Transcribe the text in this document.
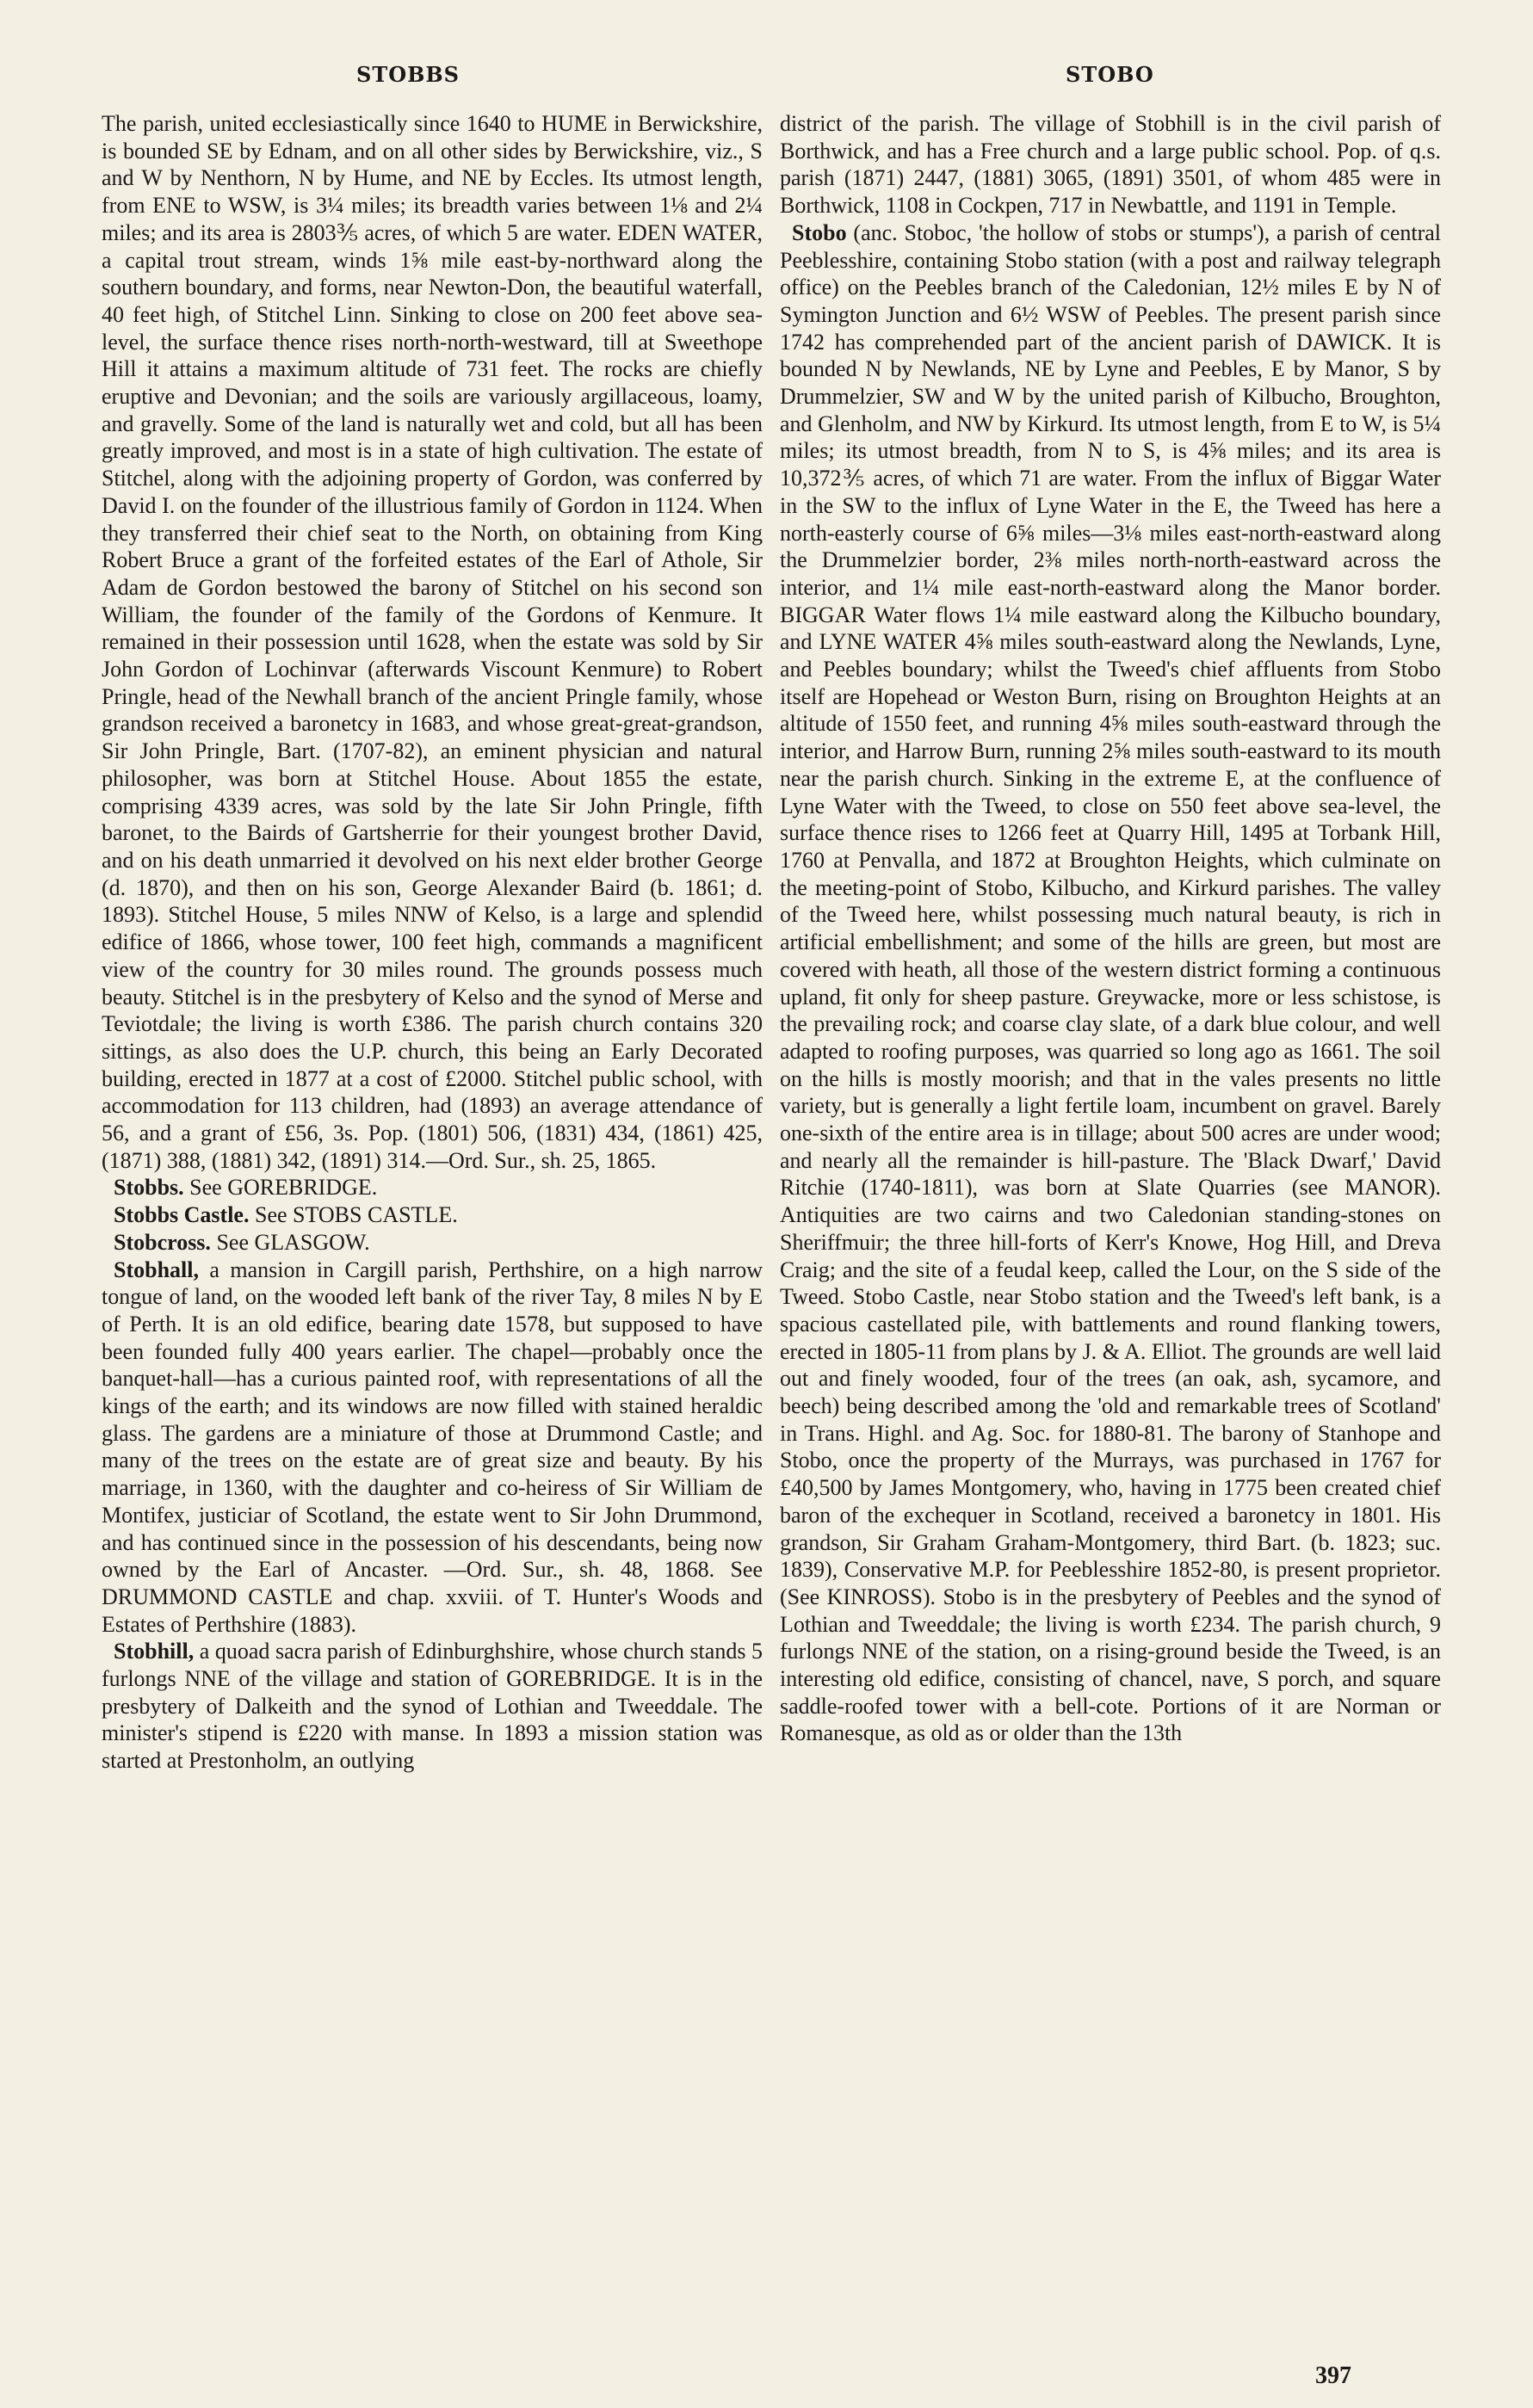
STOBBS	STOBO

The parish, united ecclesiastically since 1640 to HUME in Berwickshire, is bounded SE by Ednam, and on all other sides by Berwickshire, viz., S and W by Nenthorn, N by Hume, and NE by Eccles. Its utmost length, from ENE to WSW, is 3¼ miles; its breadth varies between 1⅛ and 2¼ miles; and its area is 2803⅗ acres, of which 5 are water. EDEN WATER, a capital trout stream, winds 1⅝ mile east-by-northward along the southern boundary, and forms, near Newton-Don, the beautiful waterfall, 40 feet high, of Stitchel Linn. Sinking to close on 200 feet above sea-level, the surface thence rises north-north-westward, till at Sweethope Hill it attains a maximum altitude of 731 feet. The rocks are chiefly eruptive and Devonian; and the soils are variously argillaceous, loamy, and gravelly. Some of the land is naturally wet and cold, but all has been greatly improved, and most is in a state of high cultivation. The estate of Stitchel, along with the adjoining property of Gordon, was conferred by David I. on the founder of the illustrious family of Gordon in 1124. When they transferred their chief seat to the North, on obtaining from King Robert Bruce a grant of the forfeited estates of the Earl of Athole, Sir Adam de Gordon bestowed the barony of Stitchel on his second son William, the founder of the family of the Gordons of Kenmure. It remained in their possession until 1628, when the estate was sold by Sir John Gordon of Lochinvar (afterwards Viscount Kenmure) to Robert Pringle, head of the Newhall branch of the ancient Pringle family, whose grandson received a baronetcy in 1683, and whose great-great-grandson, Sir John Pringle, Bart. (1707-82), an eminent physician and natural philosopher, was born at Stitchel House. About 1855 the estate, comprising 4339 acres, was sold by the late Sir John Pringle, fifth baronet, to the Bairds of Gartsherrie for their youngest brother David, and on his death unmarried it devolved on his next elder brother George (d. 1870), and then on his son, George Alexander Baird (b. 1861; d. 1893). Stitchel House, 5 miles NNW of Kelso, is a large and splendid edifice of 1866, whose tower, 100 feet high, commands a magnificent view of the country for 30 miles round. The grounds possess much beauty. Stitchel is in the presbytery of Kelso and the synod of Merse and Teviotdale; the living is worth £386. The parish church contains 320 sittings, as also does the U.P. church, this being an Early Decorated building, erected in 1877 at a cost of £2000. Stitchel public school, with accommodation for 113 children, had (1893) an average attendance of 56, and a grant of £56, 3s. Pop. (1801) 506, (1831) 434, (1861) 425, (1871) 388, (1881) 342, (1891) 314.—Ord. Sur., sh. 25, 1865.

Stobbs. See GOREBRIDGE.

Stobbs Castle. See STOBS CASTLE.

Stobcross. See GLASGOW.

Stobhall, a mansion in Cargill parish, Perthshire, on a high narrow tongue of land, on the wooded left bank of the river Tay, 8 miles N by E of Perth. It is an old edifice, bearing date 1578, but supposed to have been founded fully 400 years earlier. The chapel—probably once the banquet-hall—has a curious painted roof, with representations of all the kings of the earth; and its windows are now filled with stained heraldic glass. The gardens are a miniature of those at Drummond Castle; and many of the trees on the estate are of great size and beauty. By his marriage, in 1360, with the daughter and co-heiress of Sir William de Montifex, justiciar of Scotland, the estate went to Sir John Drummond, and has continued since in the possession of his descendants, being now owned by the Earl of Ancaster. —Ord. Sur., sh. 48, 1868. See DRUMMOND CASTLE and chap. xxviii. of T. Hunter's Woods and Estates of Perthshire (1883).

Stobhill, a quoad sacra parish of Edinburghshire, whose church stands 5 furlongs NNE of the village and station of GOREBRIDGE. It is in the presbytery of Dalkeith and the synod of Lothian and Tweeddale. The minister's stipend is £220 with manse. In 1893 a mission station was started at Prestonholm, an outlying

district of the parish. The village of Stobhill is in the civil parish of Borthwick, and has a Free church and a large public school. Pop. of q.s. parish (1871) 2447, (1881) 3065, (1891) 3501, of whom 485 were in Borthwick, 1108 in Cockpen, 717 in Newbattle, and 1191 in Temple.

Stobo (anc. Stoboc, 'the hollow of stobs or stumps'), a parish of central Peeblesshire, containing Stobo station (with a post and railway telegraph office) on the Peebles branch of the Caledonian, 12½ miles E by N of Symington Junction and 6½ WSW of Peebles. The present parish since 1742 has comprehended part of the ancient parish of DAWICK. It is bounded N by Newlands, NE by Lyne and Peebles, E by Manor, S by Drummelzier, SW and W by the united parish of Kilbucho, Broughton, and Glenholm, and NW by Kirkurd. Its utmost length, from E to W, is 5¼ miles; its utmost breadth, from N to S, is 4⅝ miles; and its area is 10,372⅗ acres, of which 71 are water. From the influx of Biggar Water in the SW to the influx of Lyne Water in the E, the Tweed has here a north-easterly course of 6⅝ miles—3⅛ miles east-north-eastward along the Drummelzier border, 2⅜ miles north-north-eastward across the interior, and 1¼ mile east-north-eastward along the Manor border. BIGGAR Water flows 1¼ mile eastward along the Kilbucho boundary, and LYNE WATER 4⅝ miles south-eastward along the Newlands, Lyne, and Peebles boundary; whilst the Tweed's chief affluents from Stobo itself are Hopehead or Weston Burn, rising on Broughton Heights at an altitude of 1550 feet, and running 4⅝ miles south-eastward through the interior, and Harrow Burn, running 2⅝ miles south-eastward to its mouth near the parish church. Sinking in the extreme E, at the confluence of Lyne Water with the Tweed, to close on 550 feet above sea-level, the surface thence rises to 1266 feet at Quarry Hill, 1495 at Torbank Hill, 1760 at Penvalla, and 1872 at Broughton Heights, which culminate on the meeting-point of Stobo, Kilbucho, and Kirkurd parishes. The valley of the Tweed here, whilst possessing much natural beauty, is rich in artificial embellishment; and some of the hills are green, but most are covered with heath, all those of the western district forming a continuous upland, fit only for sheep pasture. Greywacke, more or less schistose, is the prevailing rock; and coarse clay slate, of a dark blue colour, and well adapted to roofing purposes, was quarried so long ago as 1661. The soil on the hills is mostly moorish; and that in the vales presents no little variety, but is generally a light fertile loam, incumbent on gravel. Barely one-sixth of the entire area is in tillage; about 500 acres are under wood; and nearly all the remainder is hill-pasture. The 'Black Dwarf,' David Ritchie (1740-1811), was born at Slate Quarries (see MANOR). Antiquities are two cairns and two Caledonian standing-stones on Sheriffmuir; the three hill-forts of Kerr's Knowe, Hog Hill, and Dreva Craig; and the site of a feudal keep, called the Lour, on the S side of the Tweed. Stobo Castle, near Stobo station and the Tweed's left bank, is a spacious castellated pile, with battlements and round flanking towers, erected in 1805-11 from plans by J. & A. Elliot. The grounds are well laid out and finely wooded, four of the trees (an oak, ash, sycamore, and beech) being described among the 'old and remarkable trees of Scotland' in Trans. Highl. and Ag. Soc. for 1880-81. The barony of Stanhope and Stobo, once the property of the Murrays, was purchased in 1767 for £40,500 by James Montgomery, who, having in 1775 been created chief baron of the exchequer in Scotland, received a baronetcy in 1801. His grandson, Sir Graham Graham-Montgomery, third Bart. (b. 1823; suc. 1839), Conservative M.P. for Peeblesshire 1852-80, is present proprietor. (See KINROSS). Stobo is in the presbytery of Peebles and the synod of Lothian and Tweeddale; the living is worth £234. The parish church, 9 furlongs NNE of the station, on a rising-ground beside the Tweed, is an interesting old edifice, consisting of chancel, nave, S porch, and square saddle-roofed tower with a bell-cote. Portions of it are Norman or Romanesque, as old as or older than the 13th

397
